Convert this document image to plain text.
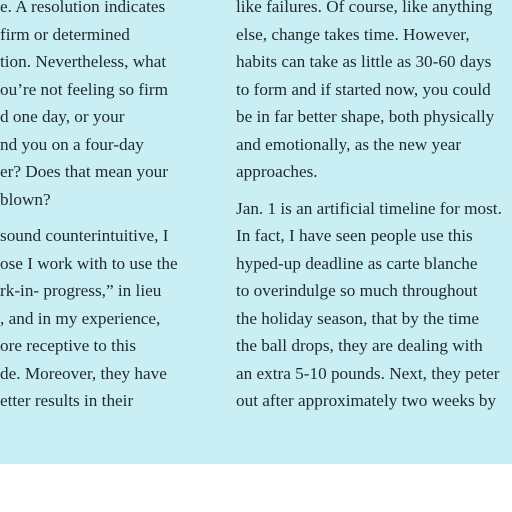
e. A resolution indicates
firm or determined
tion. Nevertheless, what
ou’re not feeling so firm
d one day, or your
nd you on a four-day
er? Does that mean your
blown?
sound counterintuitive, I
ose I work with to use the
rk-in- progress,” in lieu
, and in my experience,
ore receptive to this
de. Moreover, they have
etter results in their
like failures. Of course, like anything
else, change takes time. However,
habits can take as little as 30-60 days
to form and if started now, you could
be in far better shape, both physically
and emotionally, as the new year
approaches.
Jan. 1 is an artificial timeline for most.
In fact, I have seen people use this
hyped-up deadline as carte blanche
to overindulge so much throughout
the holiday season, that by the time
the ball drops, they are dealing with
an extra 5-10 pounds. Next, they peter
out after approximately two weeks by
